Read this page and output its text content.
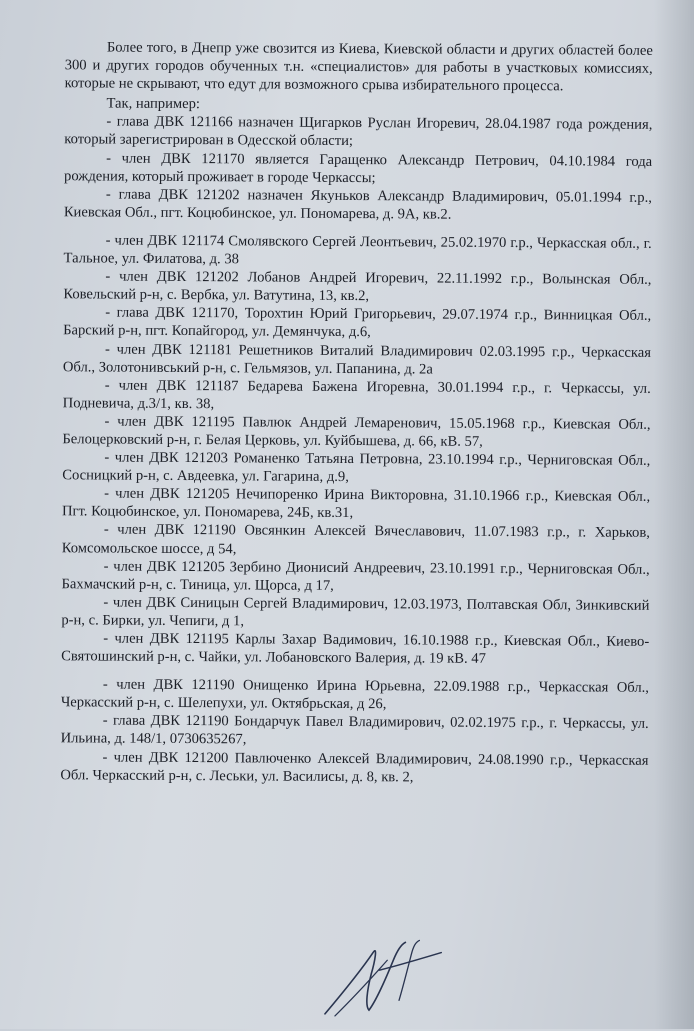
Более того, в Днепр уже свозится из Киева, Киевской области и других областей более 300 и других городов обученных т.н. «специалистов» для работы в участковых комиссиях, которые не скрывают, что едут для возможного срыва избирательного процесса.

Так, например:

- глава ДВК 121166 назначен Щигарков Руслан Игоревич, 28.04.1987 года рождения, который зарегистрирован в Одесской области;

- член ДВК 121170 является Гаращенко Александр Петрович, 04.10.1984 года рождения, который проживает в городе Черкассы;

- глава ДВК 121202 назначен Якуньков Александр Владимирович, 05.01.1994 г.р., Киевская Обл., пгт. Коцюбинское, ул. Пономарева, д. 9А, кв.2.

- член ДВК 121174 Смолявского Сергей Леонтьевич, 25.02.1970 г.р., Черкасская обл., г. Тальное, ул. Филатова, д. 38

- член ДВК 121202 Лобанов Андрей Игоревич, 22.11.1992 г.р., Волынская Обл., Ковельский р-н, с. Вербка, ул. Ватутина, 13, кв.2,

- глава ДВК 121170, Торохтин Юрий Григорьевич, 29.07.1974 г.р., Винницкая Обл., Барский р-н, пгт. Копайгород, ул. Демянчука, д.6,

- член ДВК 121181 Решетников Виталий Владимирович 02.03.1995 г.р., Черкасская Обл., Золотонивський р-н, с. Гельмязов, ул. Папанина, д. 2а

- член ДВК 121187 Бедарева Бажена Игоревна, 30.01.1994 г.р., г. Черкассы, ул. Подневича, д.3/1, кв. 38,

- член ДВК 121195 Павлюк Андрей Лемаренович, 15.05.1968 г.р., Киевская Обл., Белоцерковский р-н, г. Белая Церковь, ул. Куйбышева, д. 66, кВ. 57,

- член ДВК 121203 Романенко Татьяна Петровна, 23.10.1994 г.р., Черниговская Обл., Сосницкий р-н, с. Авдеевка, ул. Гагарина, д.9,

- член ДВК 121205 Нечипоренко Ирина Викторовна, 31.10.1966 г.р., Киевская Обл., Пгт. Коцюбинское, ул. Пономарева, 24Б, кв.31,

- член ДВК 121190 Овсянкин Алексей Вячеславович, 11.07.1983 г.р., г. Харьков, Комсомольское шоссе, д 54,

- член ДВК 121205 Зербино Дионисий Андреевич, 23.10.1991 г.р., Черниговская Обл., Бахмачский р-н, с. Тиница, ул. Щорса, д 17,

- член ДВК Синицын Сергей Владимирович, 12.03.1973, Полтавская Обл, Зинкивский р-н, с. Бирки, ул. Чепиги, д 1,

- член ДВК 121195 Карлы Захар Вадимович, 16.10.1988 г.р., Киевская Обл., Киево-Святошинский р-н, с. Чайки, ул. Лобановского Валерия, д. 19 кВ. 47

- член ДВК 121190 Онищенко Ирина Юрьевна, 22.09.1988 г.р., Черкасская Обл., Черкасский р-н, с. Шелепухи, ул. Октябрьская, д 26,

- глава ДВК 121190 Бондарчук Павел Владимирович, 02.02.1975 г.р., г. Черкассы, ул. Ильина, д. 148/1, 0730635267,

- член ДВК 121200 Павлюченко Алексей Владимирович, 24.08.1990 г.р., Черкасская Обл. Черкасский р-н, с. Леськи, ул. Василисы, д. 8, кв. 2,
